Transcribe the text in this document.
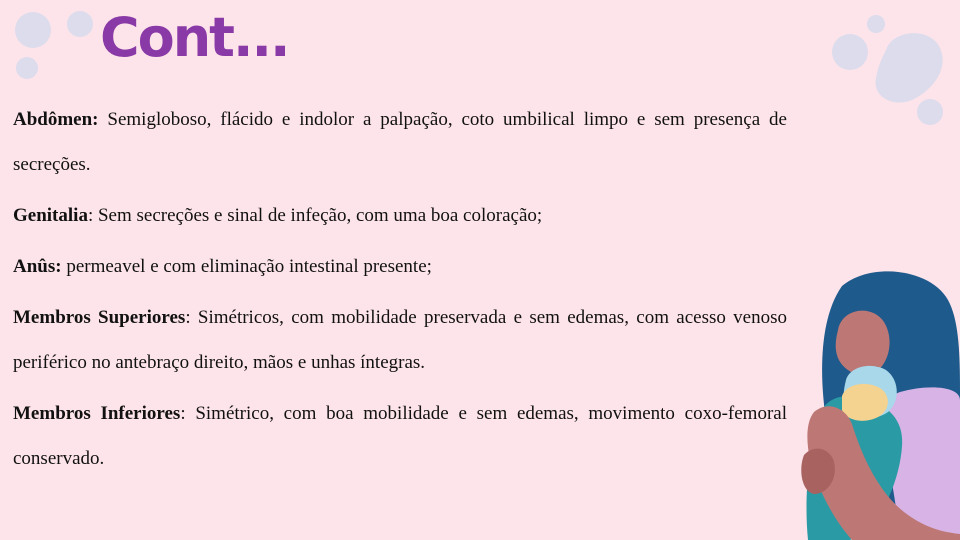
Cont...

Abdômen: Semigloboso, flácido e indolor a palpação, coto umbilical limpo e sem presença de secreções.

Genitalia: Sem secreções e sinal de infeção, com uma boa coloração;

Anûs: permeavel e com eliminação intestinal presente;

Membros Superiores: Simétricos, com mobilidade preservada e sem edemas, com acesso venoso periférico no antebraço direito, mãos e unhas íntegras.

Membros Inferiores: Simétrico, com boa mobilidade e sem edemas, movimento coxo-femoral conservado.
